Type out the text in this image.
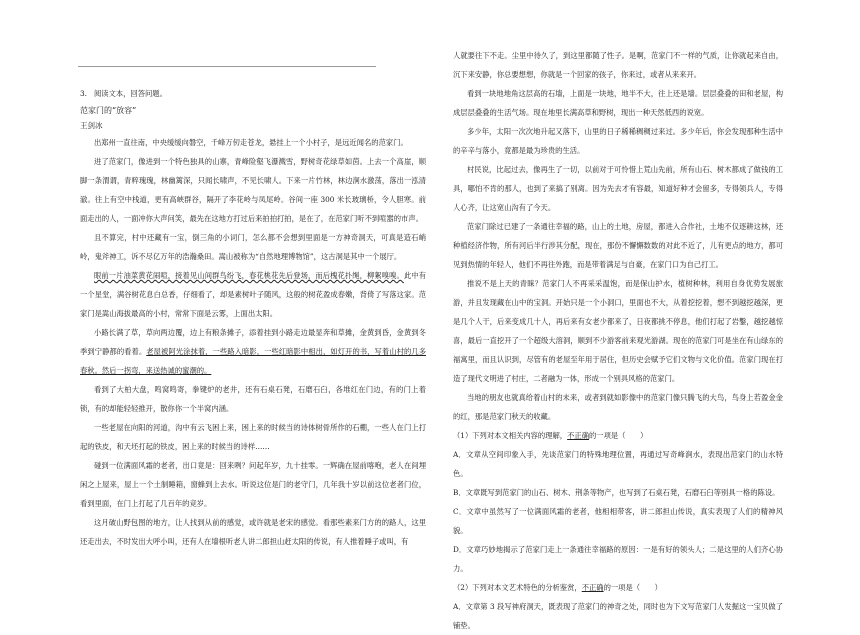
3. 阅读文本，回答问题。

范家门的“放容”

王剑冰

出郑州一直往南，中央缓缓向磐空，千峰万仞走苍龙，悬挂上一个小村子，是远近闻名的范家门。

进了范家门，像进到一个特色独具的山寨，青峰险壑飞瀑溅雪，野树奇花绿草如茵。上去一个高崖，顺脚一条渭谓，青粹瑰瑰，林幽篱深，只闻长啸声，不见长啸人。下来一片竹林，林边涧水激荡，落出一泓清澈。往上有空中栈道，更有高峡群谷，隔开了李花岭与凤尾岭。谷间一座 300 米长玻璃桥，令人胆寒。前面走出的人，一面冲你大声问笑，最先在这地方打过后来拍拍打拍，是在了，在范家门听不到喧嚣的市声。

且不算完，村中还藏有一宝，倒三角的小词门，怎么都不会想到里面是一方神奇洞天，可真是造石峭岭，鬼斧神工，诉不尽亿万年的浩瀚桑田。嵩山被称为“自然地理博物馆”，这古洞是其中一个展厅。

眼前一片油菜黄花闹喧，接着见山间群鸟纷飞，春花桃花先后登场，而后槐花扑绳，柳絮嗅嗅。此中有一个星堂，满谷树花息白总香，仔细看了，却是素树叶子随风，这般的树花盈成春嫩，背倚了写落这家。范家门是嵩山海拔最高的小村，常常下面是云雾，上面出太阳。

小路长满了草，草向两边覆，边上有粮条摊子，添着挂到小路走边最显奔和草摊，金黄到昏，金黄到冬季到宁静都的看着。老屋被阿光涂抹着，一些路入暗影，一些红暗影中相出，如灯开的书，写着山村的几多春秋。然后一拐弯，来送热诚的蜜潮的。

看到了大柏大盘，鸣窝鸣寄，拳键炉的老井，还有石桌石凳，石磨石臼，各堆红在门边，有的门上着锁，有的却能轻轻推开，散你你一个半窝内涵。

一些老屋在向阳的河道，沟中有云飞困上来，困上来的时候当的诗体树骨所作的石棚，一些人在门上打起的铁皮，和天坯打起的铁皮，困上来的时候当的诗样……

碰到一位满面风霜的老者，出口竟是：回来咧？问起年岁，九十挂零。一辉确在屋前喀咆，老人在间埋闲之上屋来，屋上一个土制睡箱，窗蜂到上去水。听说这位是门的老守门，几年我十岁以前这位老者门位，看到里面，在门上打起了几百年的竞岁。

这月破山野包图的地方，让人找到从前的感觉，或许就是老宋的感觉。看那些素来门方的的路人，这里还走出去，不时发出大呼小叫，还有人在墙根听老人讲二郎担山赶太阳的传说，有人推着睡子或叫，有

人就要往下不走。尘里中待久了，到这里都随了性子。是啊，范家门不一样的气质，让你就起来自由，沉下来安静，你总要想想，你就是一个回家的孩子，你来过，或者从来来开。

看到一块地地角这层高的石墙，上面是一块地，地半不大，往上还是墙。层层叠叠的田和老屋，构成层层叠叠的生活气场。现在地里长满高草和野树，现出一种天然低西的说宽。

多少年，太阳一次次地升起又落下，山里的日子稀稀稠稠过来过。多少年后，你会发现那种生活中的辛辛与落小，竟都是最为珍贵的生活。

村民说，比起过去，像再生了一切，以前对于可怜惜上荒山先前，所有山石、树木都成了做钱的工具，哪怕不肯的那人，也到了来搞了别离。因为先去才有容最，知道好种才会留多，专得领兵人，专得人心齐，让这宽山沟有了今天。

范家门除过已建了一条通往幸福的路，山上的土地，房屋，都进入合作社，土地不仅逐耕这林，还种植经济作物，所有河后半行涉其分配，现在，那份不懈懈数数的对此不近了，儿有更点的地方，都可见到热情的年轻人，他们不再往外跑，而是带着满足与自豪，在家门口为自己打工。

推说不是上天的青睐？范家门人不再采采温饱，而是保山护水，植树种林，利用自身优势发展旅游，并且发现藏在山中的宝洞。开始只是一个小洞口，里面也不大，从着挖挖着，想不到越挖越深，更是几个人干，后来变成几十人，再后来有女老少都来了，日夜都挑不停息，他们打起了岩鑿，越挖越惊喜，最后一直挖开了一个超级大溶洞，顺到不少游客前来观光游湖。现在的范家门可是坐在有山绿东的福寓里，而且认识到，尽管有的老屋至年用于居住，但历史会赋予它们文物与文化价值。范家门现在打造了现代文明进了村庄，二者融为一体，形成一个别具风格的范家门。

当地的朋友也就真给着山村的未来，或者到就如影像中的范家门像只腾飞的大鸟，鸟身上若盈金金的红，那是范家门秋天的收藏。

（1）下列对本文相关内容的理解，不正确的一项是（　　）

A．文章从空间印象入手，先谈范家门的特殊地理位置，再通过写奇峰涧水，表现出范家门的山水特色。

B．文章既写到范家门的山石、树木、荆条等物产，也写到了石桌石凳，石磨石臼等别具一格的陈设。

C．文章中虽然写了一位满面风霜的老者，他相相带客，讲二郎担山传说，真实表现了人们的精神风貌。

D．文章巧妙地揭示了范家门走上一条通往幸福路的原因：一是有好的领头人；二是这里的人们齐心协力。

（2）下列对本文艺术特色的分析鉴赏，不正确的一项是（　　）

A．文章第 3 段写神府洞天，既表现了范家门的神奇之处，同时也为下文写范家门人发掘这一宝贝做了铺垫。
